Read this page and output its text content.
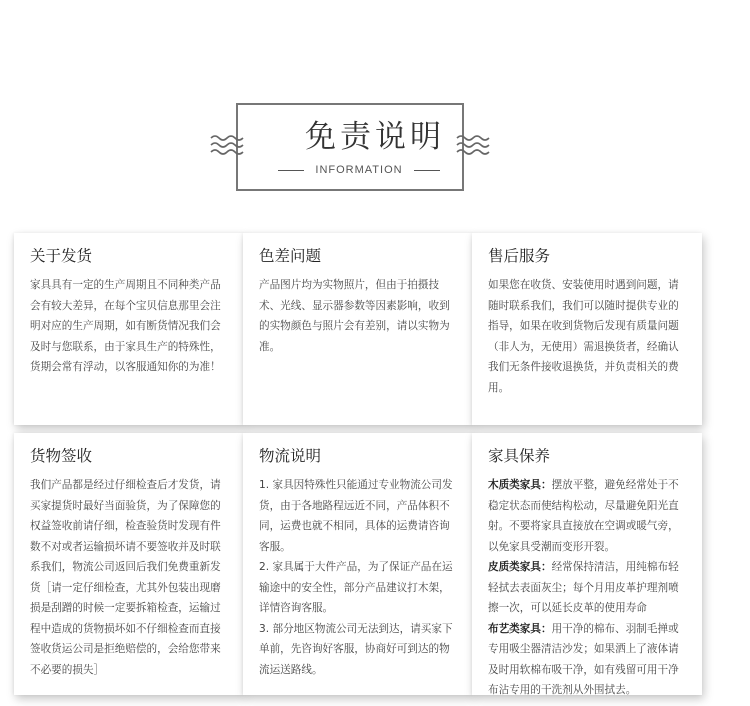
免责说明
INFORMATION
关于发货
家具具有一定的生产周期且不同种类产品会有较大差异，在每个宝贝信息那里会注明对应的生产周期，如有断货情况我们会及时与您联系，由于家具生产的特殊性，货期会常有浮动，以客服通知你的为准！
色差问题
产品图片均为实物照片，但由于拍摄技术、光线、显示器参数等因素影响，收到的实物颜色与照片会有差别，请以实物为准。
售后服务
如果您在收货、安装使用时遇到问题，请随时联系我们，我们可以随时提供专业的指导，如果在收到货物后发现有质量问题（非人为，无使用）需退换货者，经确认我们无条件接收退换货，并负责相关的费用。
货物签收
我们产品都是经过仔细检查后才发货，请买家提货时最好当面验货，为了保障您的权益签收前请仔细，检查验货时发现有件数不对或者运输损坏请不要签收并及时联系我们，物流公司返回后我们免费重新发货［请一定仔细检查，尤其外包装出现磨损是刮蹭的时候一定要拆箱检查，运输过程中造成的货物损坏如不仔细检查而直接签收货运公司是拒绝赔偿的，会给您带来不必要的损失］
物流说明
1. 家具因特殊性只能通过专业物流公司发货，由于各地路程远近不同，产品体积不同，运费也就不相同，具体的运费请咨询客服。
2. 家具属于大件产品，为了保证产品在运输途中的安全性，部分产品建议打木架，详情咨询客服。
3. 部分地区物流公司无法到达，请买家下单前，先咨询好客服，协商好可到达的物流运送路线。
家具保养
木质类家具：摆放平整，避免经常处于不稳定状态而使结构松动，尽量避免阳光直射。不要将家具直接放在空调或暖气旁，以免家具受潮而变形开裂。
皮质类家具：经常保持清洁，用纯棉布轻轻拭去表面灰尘；每个月用皮革护理剂喷擦一次，可以延长皮革的使用寿命
布艺类家具：用干净的棉布、羽制毛掸或专用吸尘器清洁沙发；如果洒上了液体请及时用软棉布吸干净，如有残留可用干净布沾专用的干洗剂从外围拭去。
